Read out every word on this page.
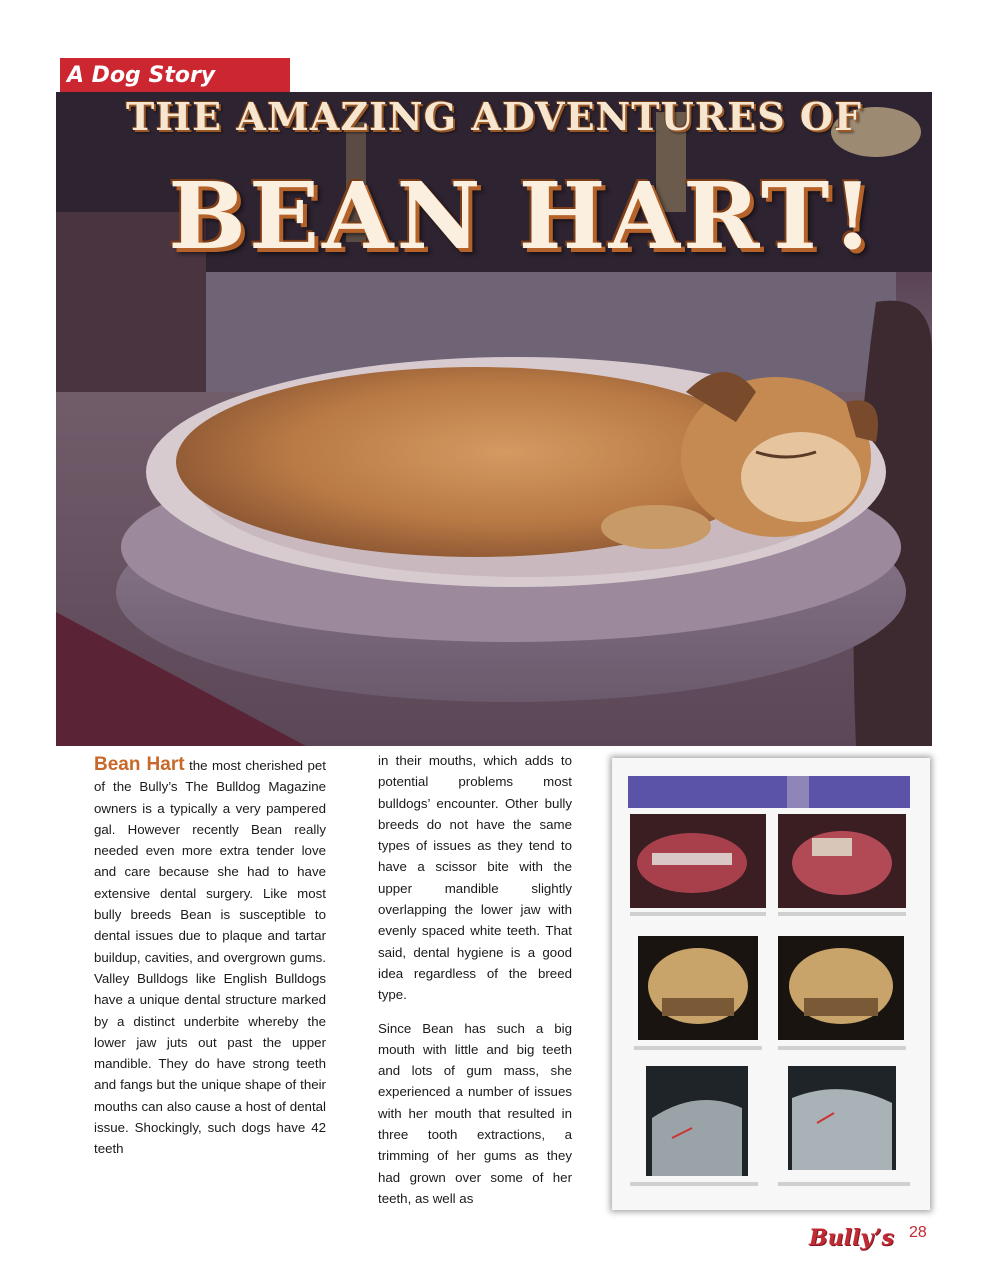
A Dog Story
THE AMAZING ADVENTURES OF
BEAN HART!
Bean Hart the most cherished pet of the Bully’s The Bulldog Magazine owners is a typically a very pampered gal. However recently Bean really needed even more extra tender love and care because she had to have extensive dental surgery. Like most bully breeds Bean is susceptible to dental issues due to plaque and tartar buildup, cavities, and overgrown gums. Valley Bulldogs like English Bulldogs have a unique dental structure marked by a distinct underbite whereby the lower jaw juts out past the upper mandible. They do have strong teeth and fangs but the unique shape of their mouths can also cause a host of dental issue. Shockingly, such dogs have 42 teeth

in their mouths, which adds to potential problems most bulldogs’ encounter. Other bully breeds do not have the same types of issues as they tend to have a scissor bite with the upper mandible slightly overlapping the lower jaw with evenly spaced white teeth. That said, dental hygiene is a good idea regardless of the breed type.

Since Bean has such a big mouth with little and big teeth and lots of gum mass, she experienced a number of issues with her mouth that resulted in three tooth extractions, a trimming of her gums as they had grown over some of her teeth, as well as

Bully’s 28
